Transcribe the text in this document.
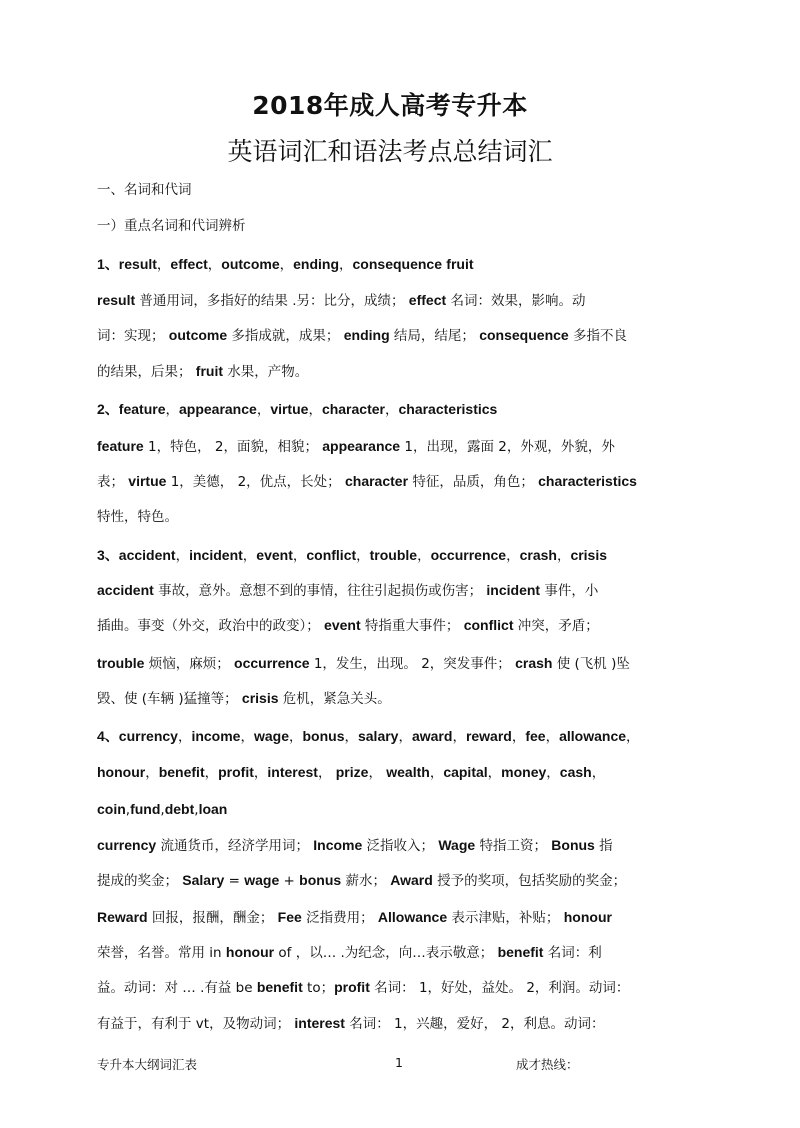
2018年成人高考专升本
英语词汇和语法考点总结词汇
一、名词和代词
一）重点名词和代词辨析
1、result，effect，outcome，ending，consequence fruit
result 普通用词，多指好的结果 .另：比分，成绩； effect 名词：效果，影响。动
词：实现； outcome 多指成就，成果； ending 结局，结尾； consequence 多指不良
的结果，后果； fruit 水果，产物。
2、feature，appearance，virtue，character，characteristics
feature 1，特色， 2，面貌，相貌； appearance 1，出现，露面 2，外观，外貌，外
表； virtue 1，美德， 2，优点，长处； character 特征，品质，角色； characteristics
特性，特色。
3、accident，incident，event，conflict，trouble，occurrence，crash，crisis
accident 事故，意外。意想不到的事情，往往引起损伤或伤害； incident 事件，小
插曲。事变（外交，政治中的政变）； event 特指重大事件； conflict 冲突，矛盾；
trouble 烦恼，麻烦； occurrence 1，发生，出现。 2，突发事件； crash 使 (飞机 )坠
毁、使 (车辆 )猛撞等； crisis 危机，紧急关头。
4、currency，income，wage，bonus，salary，award，reward，fee，allowance，
honour，benefit，profit，interest， prize， wealth，capital，money，cash，
coin,fund,debt,loan
currency 流通货币，经济学用词； Income 泛指收入； Wage 特指工资； Bonus 指
提成的奖金； Salary = wage + bonus 薪水； Award 授予的奖项，包括奖励的奖金；
Reward 回报，报酬，酬金； Fee 泛指费用； Allowance 表示津贴，补贴； honour
荣誉，名誉。常用 in honour of ，以… .为纪念，向…表示敬意； benefit 名词：利
益。动词：对 … .有益 be benefit to；profit 名词： 1，好处，益处。 2，利润。动词：
有益于，有利于 vt，及物动词； interest 名词： 1，兴趣，爱好， 2，利息。动词：
专升本大纲词汇表	1	成才热线：
